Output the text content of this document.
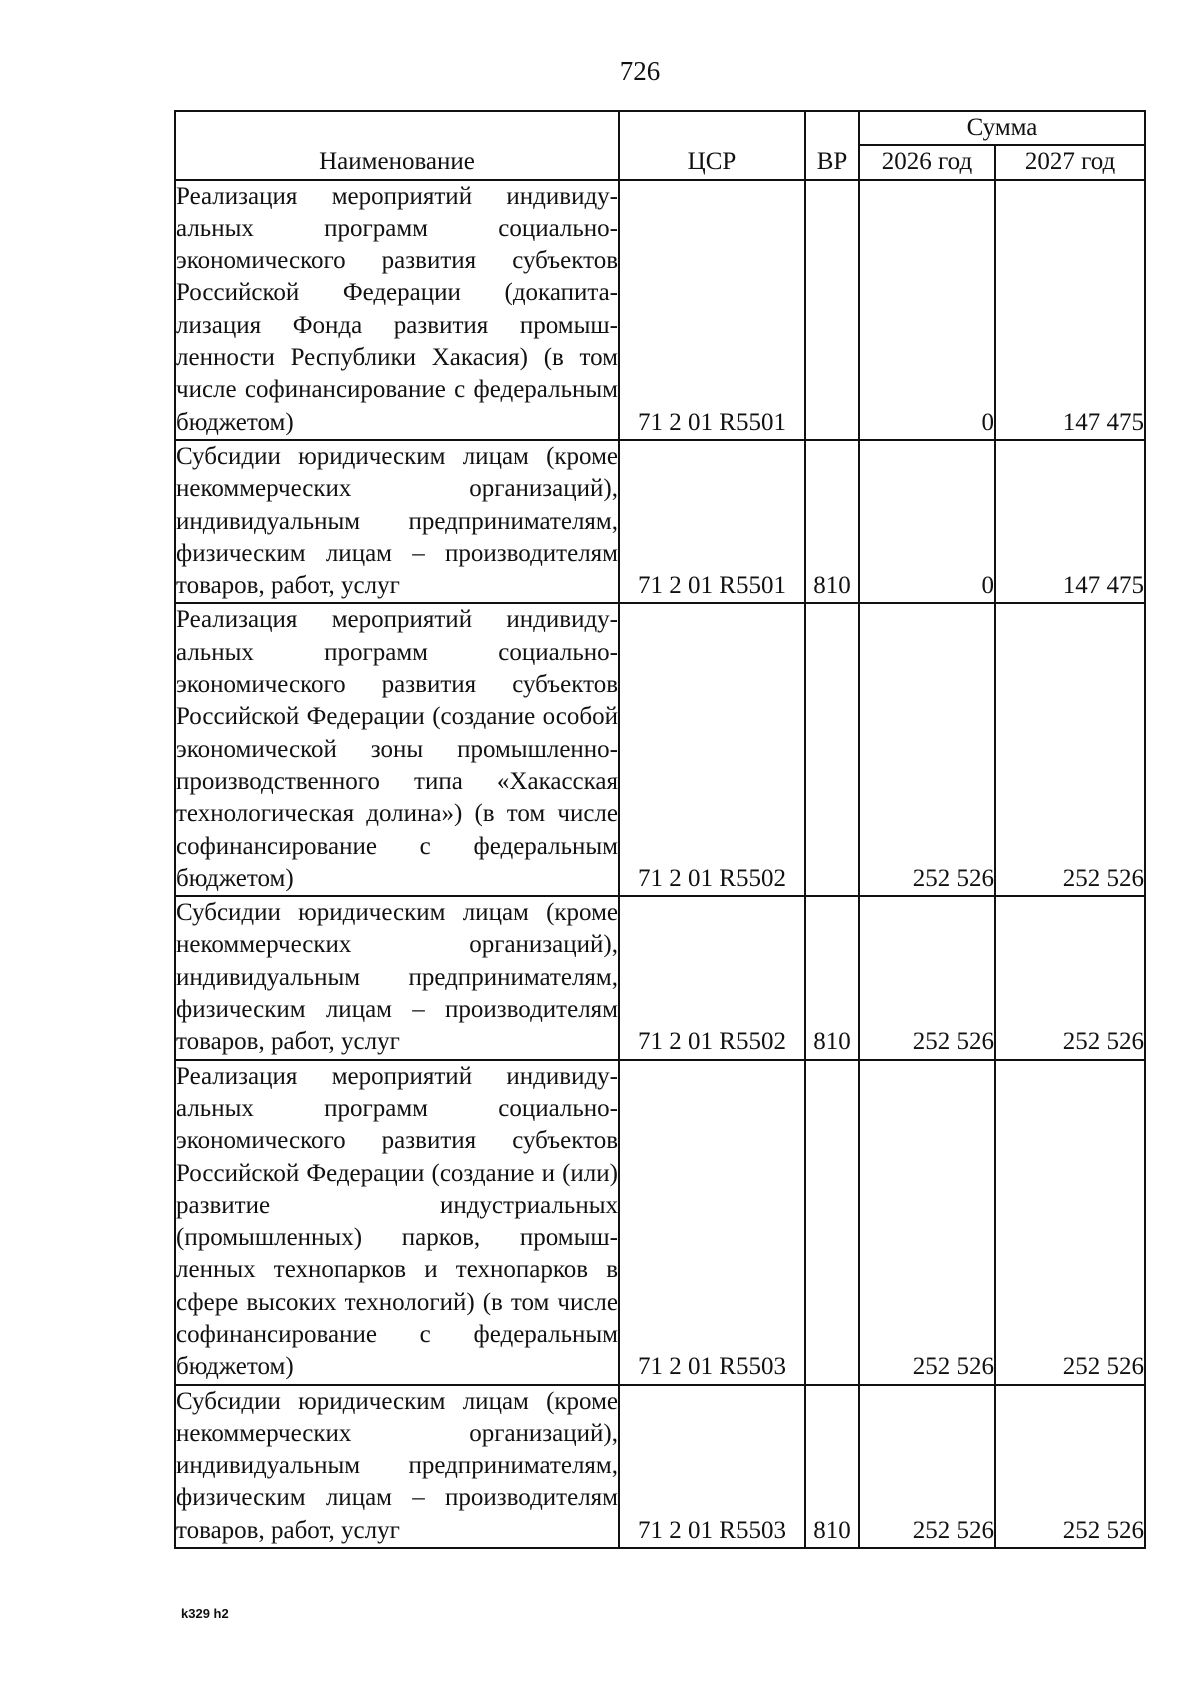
726
Наименование	ЦСР	ВР	Сумма	
			2026 год	2027 год
Реализация мероприятий индивидуальных программ социально-экономического развития субъектов Российской Федерации (докапитализация Фонда развития промышленности Республики Хакасия) (в том числе софинансирование с федеральным бюджетом)	71 2 01 R5501		0	147 475
Субсидии юридическим лицам (кроме некоммерческих организаций), индивидуальным предпринимателям, физическим лицам – производителям товаров, работ, услуг	71 2 01 R5501	810	0	147 475
Реализация мероприятий индивидуальных программ социально-экономического развития субъектов Российской Федерации (создание особой экономической зоны промышленно-производственного типа «Хакасская технологическая долина») (в том числе софинансирование с федеральным бюджетом)	71 2 01 R5502		252 526	252 526
Субсидии юридическим лицам (кроме некоммерческих организаций), индивидуальным предпринимателям, физическим лицам – производителям товаров, работ, услуг	71 2 01 R5502	810	252 526	252 526
Реализация мероприятий индивидуальных программ социально-экономического развития субъектов Российской Федерации (создание и (или) развитие индустриальных (промышленных) парков, промышленных технопарков и технопарков в сфере высоких технологий) (в том числе софинансирование с федеральным бюджетом)	71 2 01 R5503		252 526	252 526
Субсидии юридическим лицам (кроме некоммерческих организаций), индивидуальным предпринимателям, физическим лицам – производителям товаров, работ, услуг	71 2 01 R5503	810	252 526	252 526
k329 h2
